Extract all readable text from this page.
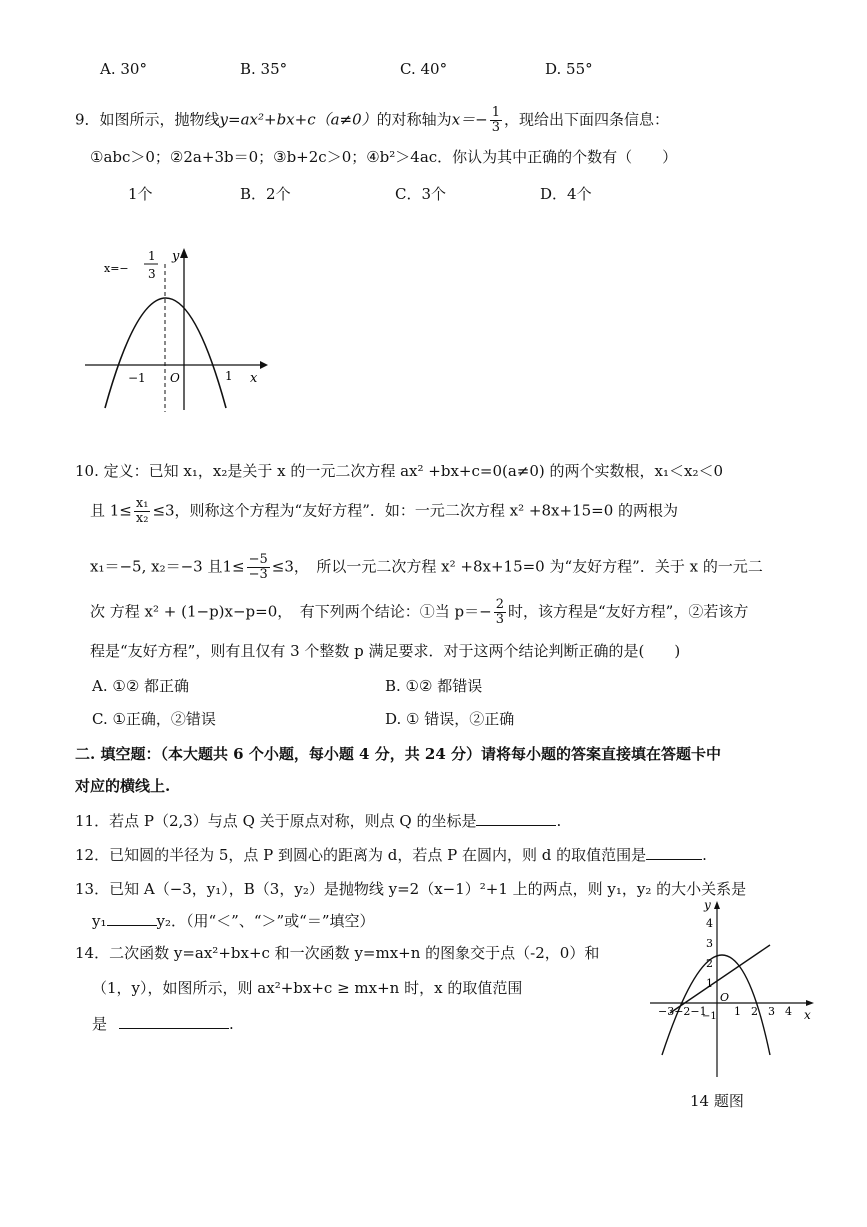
A. 30°	B. 35°	C. 40°	D. 55°
9．如图所示，抛物线y=ax²+bx+c（a≠0）的对称轴为$x=- \frac{1}{3}$ ，现给出下面四条信息：
①abc＞0；②2a+3b＝0；③b+2c＞0；④b²＞4ac．你认为其中正确的个数有（　　）
1个	B．2个	C．3个	D．4个
x=−
1
3
y
x
O
−1	1
10. 定义：已知 x₁，x₂是关于 x 的一元二次方程 ax² +bx+c=0(a≠0) 的两个实数根，x₁＜x₂＜0
且 $1\le \frac{\text{x₁}}{\text{x₂}} \le 3$，则称这个方程为“友好方程”．如：一元二次方程 x² +8x+15=0 的两根为
x₁＝−5, x₂＝−3 且$1\le \frac{-5}{-3} \le 3$，　所以一元二次方程 x² +8x+15=0 为“友好方程”．关于 x 的一元二
次 方程 x² + (1−p)x−p=0，　有下列两个结论：①当 $p=- \frac{2}{3}$ 时，该方程是“友好方程”，②若该方
程是“友好方程”，则有且仅有 3 个整数 p 满足要求．对于这两个结论判断正确的是(　　)
A. ①② 都正确	B. ①② 都错误
C. ①正确，②错误	D. ① 错误，②正确
二. 填空题：（本大题共 6 个小题，每小题 4 分，共 24 分）请将每小题的答案直接填在答题卡中
对应的横线上.
11．若点 P（2,3）与点 Q 关于原点对称，则点 Q 的坐标是	.
12．已知圆的半径为 5，点 P 到圆心的距离为 d，若点 P 在圆内，则 d 的取值范围是	.
13．已知 A（−3，y₁），B（3，y₂）是抛物线 y=2（x−1）²+1 上的两点，则 y₁，y₂ 的大小关系是
y₁	y₂．（用“＜”、“＞”或“＝”填空）
14．二次函数 y=ax²+bx+c 和一次函数 y=mx+n 的图象交于点（-2，0）和
（1，y），如图所示，则 ax²+bx+c ≥ mx+n 时，x 的取值范围
是	.
y
x
4
3
2
1
O
1 2 3 4
−3−2−1
−1
14 题图
